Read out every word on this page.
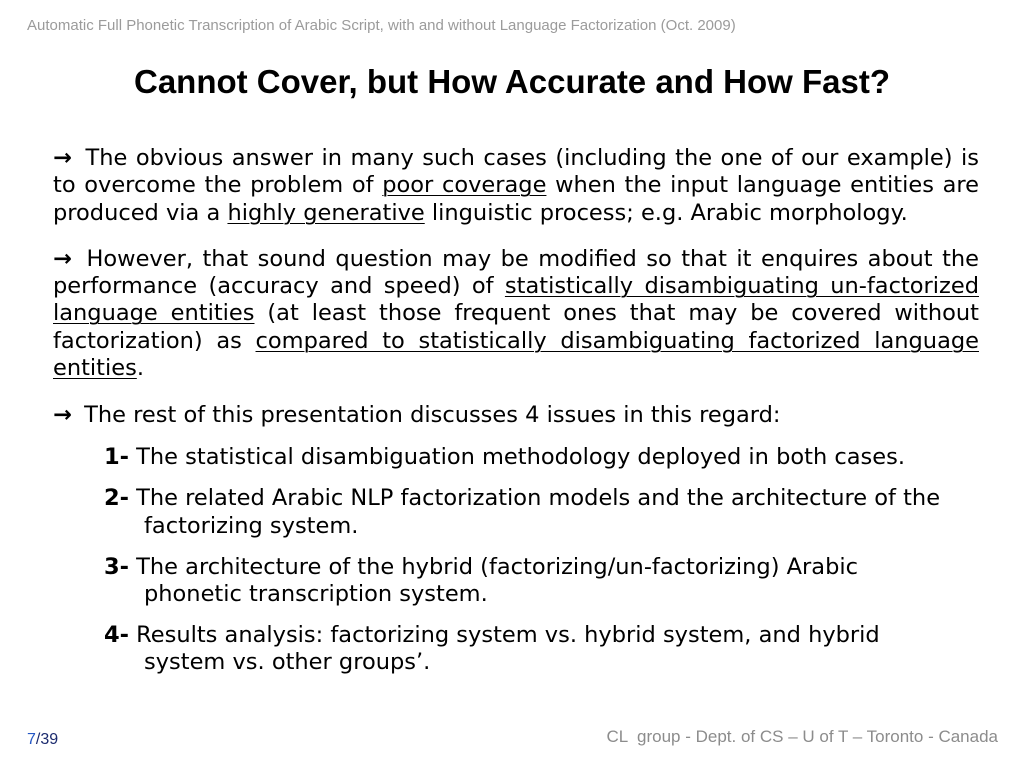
Automatic Full Phonetic Transcription of Arabic Script, with and without Language Factorization (Oct. 2009)
Cannot Cover, but How Accurate and How Fast?

→ The obvious answer in many such cases (including the one of our example) is to overcome the problem of poor coverage when the input language entities are produced via a highly generative linguistic process; e.g. Arabic morphology.

→ However, that sound question may be modified so that it enquires about the performance (accuracy and speed) of statistically disambiguating un-factorized language entities (at least those frequent ones that may be covered without factorization) as compared to statistically disambiguating factorized language entities.

→ The rest of this presentation discusses 4 issues in this regard:

1- The statistical disambiguation methodology deployed in both cases.
2- The related Arabic NLP factorization models and the architecture of the factorizing system.
3- The architecture of the hybrid (factorizing/un-factorizing) Arabic phonetic transcription system.
4- Results analysis: factorizing system vs. hybrid system, and hybrid system vs. other groups’.
7/39	CL  group - Dept. of CS – U of T – Toronto - Canada
